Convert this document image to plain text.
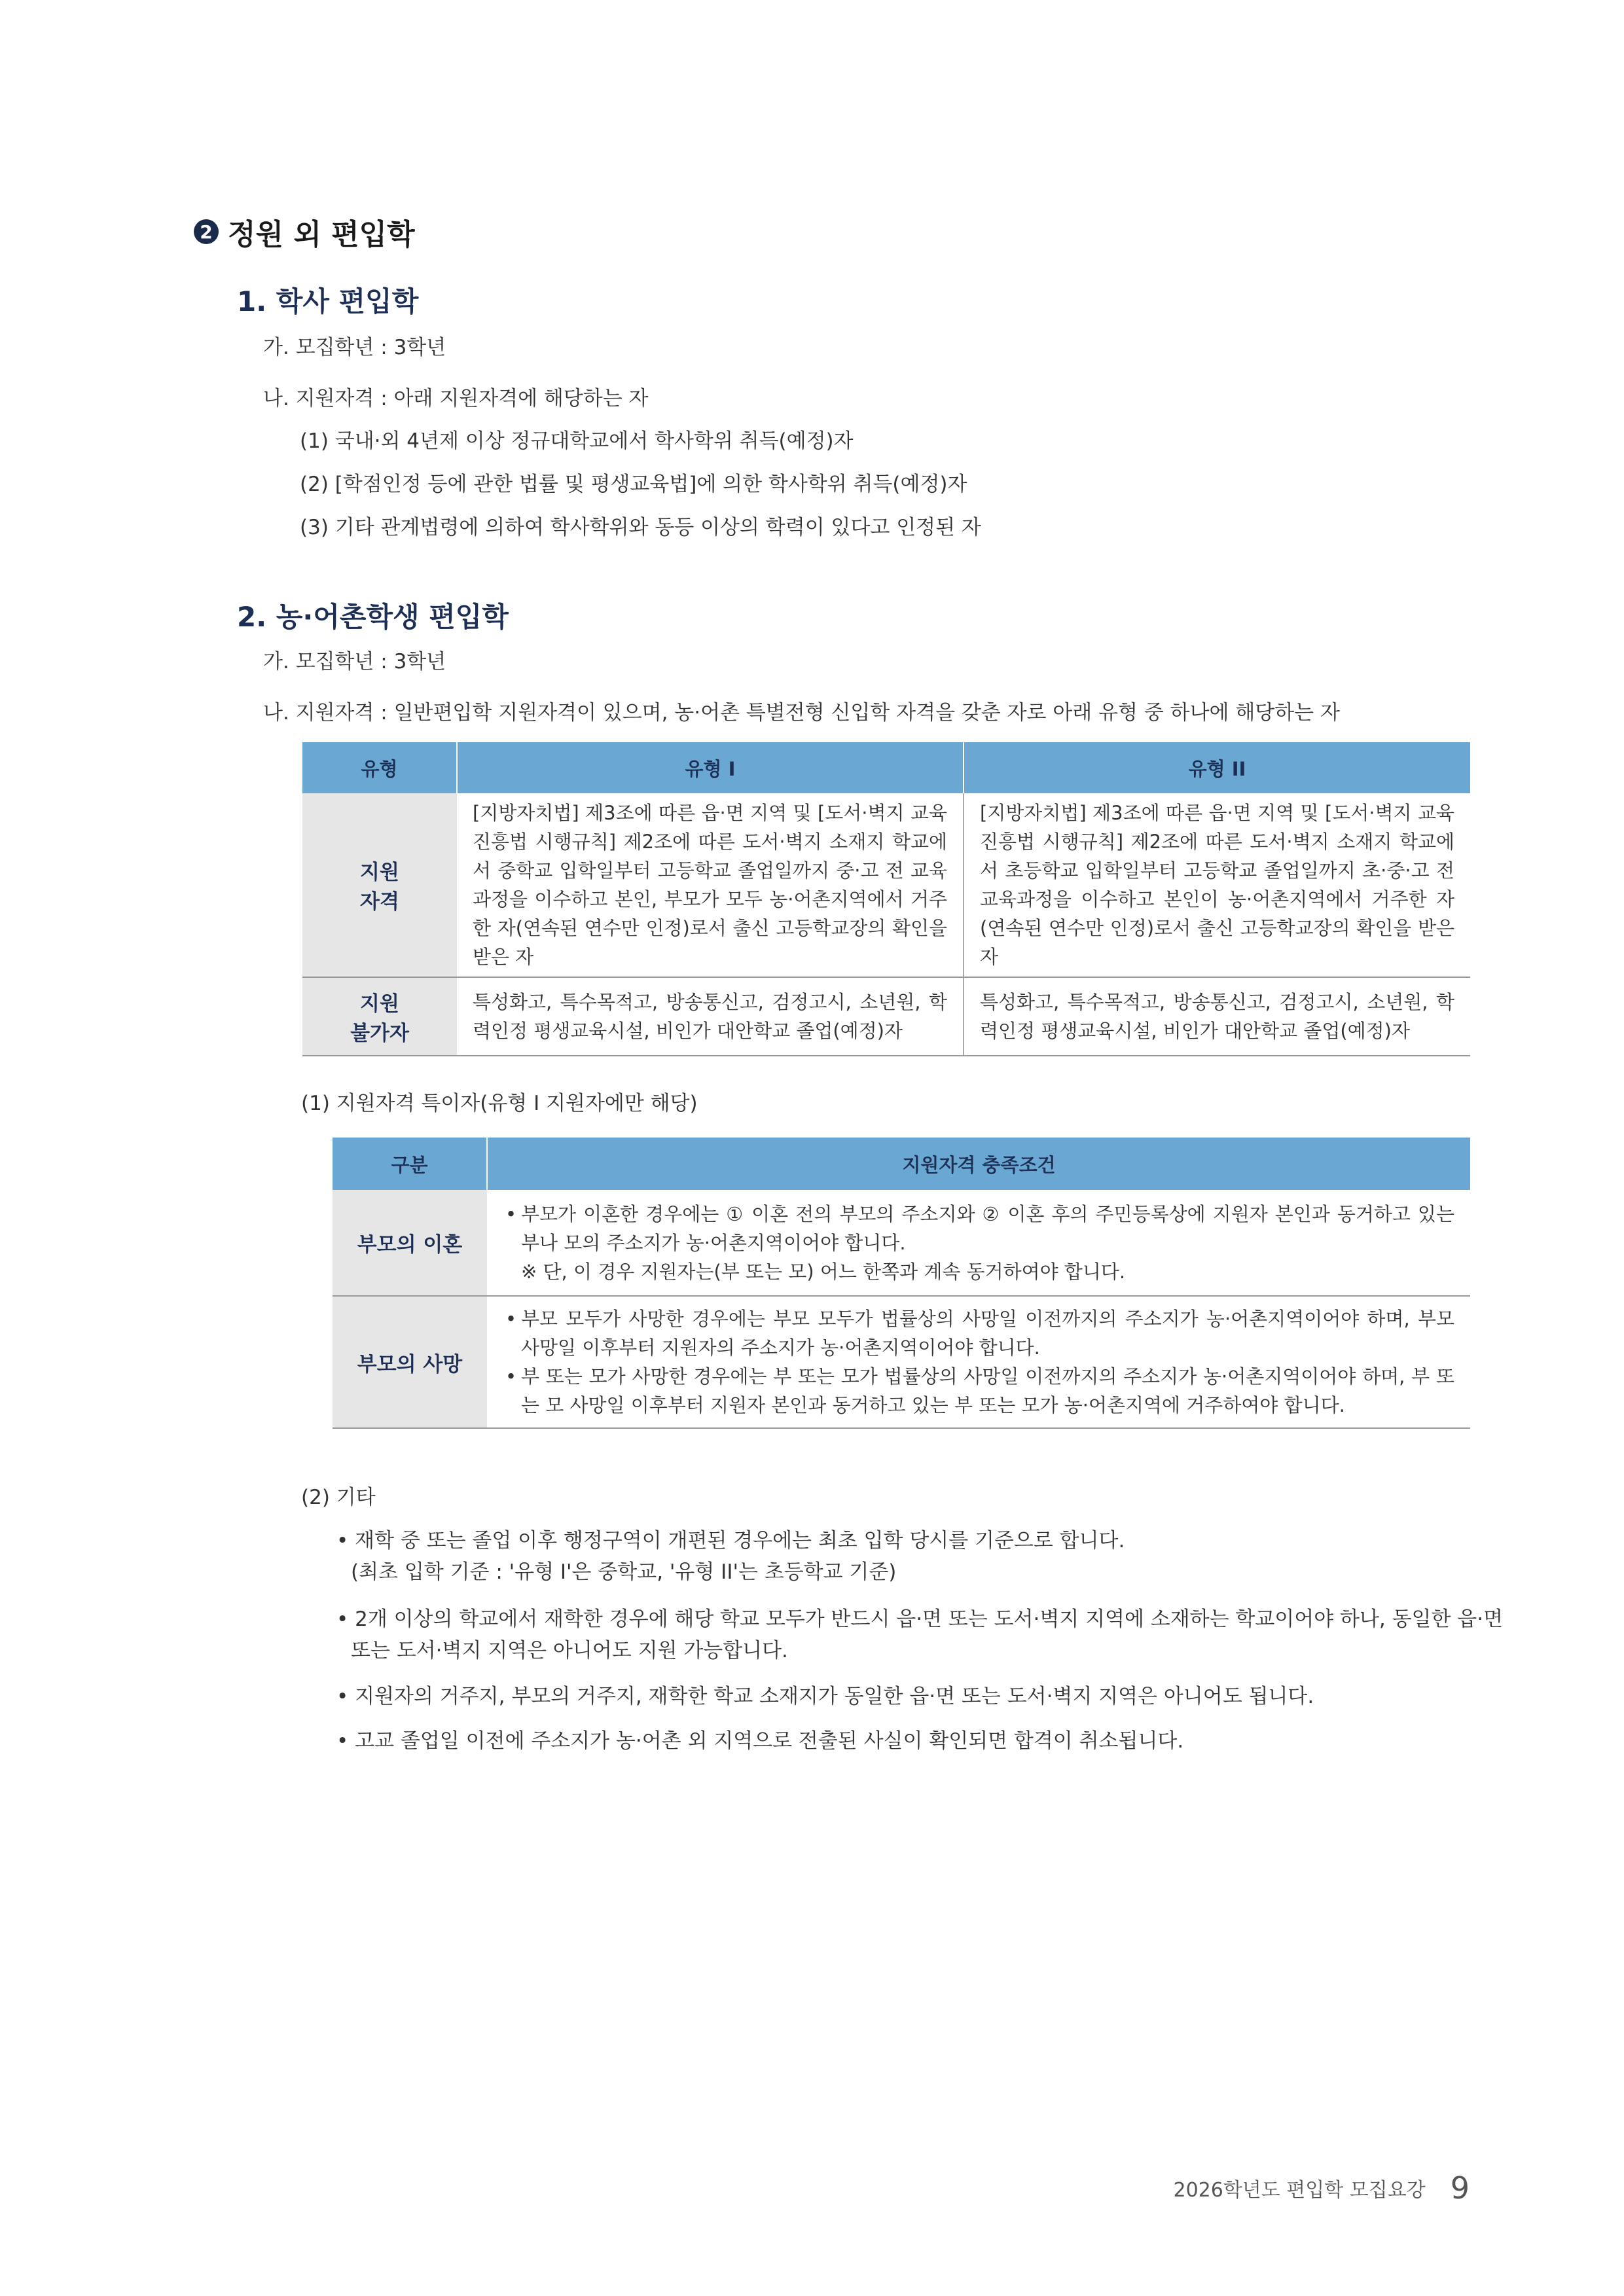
2 정원 외 편입학
1. 학사 편입학
가. 모집학년 : 3학년
나. 지원자격 : 아래 지원자격에 해당하는 자
(1) 국내·외 4년제 이상 정규대학교에서 학사학위 취득(예정)자
(2) [학점인정 등에 관한 법률 및 평생교육법]에 의한 학사학위 취득(예정)자
(3) 기타 관계법령에 의하여 학사학위와 동등 이상의 학력이 있다고 인정된 자
2. 농·어촌학생 편입학
가. 모집학년 : 3학년
나. 지원자격 : 일반편입학 지원자격이 있으며, 농·어촌 특별전형 신입학 자격을 갖춘 자로 아래 유형 중 하나에 해당하는 자
유형	유형 I	유형 II

지원
자격	[지방자치법] 제3조에 따른 읍·면 지역 및 [도서·벽지 교육진흥법 시행규칙] 제2조에 따른 도서·벽지 소재지 학교에서 중학교 입학일부터 고등학교 졸업일까지 중·고 전 교육과정을 이수하고 본인, 부모가 모두 농·어촌지역에서 거주한 자(연속된 연수만 인정)로서 출신 고등학교장의 확인을 받은 자	[지방자치법] 제3조에 따른 읍·면 지역 및 [도서·벽지 교육진흥법 시행규칙] 제2조에 따른 도서·벽지 소재지 학교에서 초등학교 입학일부터 고등학교 졸업일까지 초·중·고 전 교육과정을 이수하고 본인이 농·어촌지역에서 거주한 자(연속된 연수만 인정)로서 출신 고등학교장의 확인을 받은 자

지원
불가자	특성화고, 특수목적고, 방송통신고, 검정고시, 소년원, 학력인정 평생교육시설, 비인가 대안학교 졸업(예정)자	특성화고, 특수목적고, 방송통신고, 검정고시, 소년원, 학력인정 평생교육시설, 비인가 대안학교 졸업(예정)자
(1) 지원자격 특이자(유형 I 지원자에만 해당)
구분	지원자격 충족조건
부모의 이혼	• 부모가 이혼한 경우에는 ① 이혼 전의 부모의 주소지와 ② 이혼 후의 주민등록상에 지원자 본인과 동거하고 있는 부나 모의 주소지가 농·어촌지역이어야 합니다.
※ 단, 이 경우 지원자는(부 또는 모) 어느 한쪽과 계속 동거하여야 합니다.

부모의 사망	• 부모 모두가 사망한 경우에는 부모 모두가 법률상의 사망일 이전까지의 주소지가 농·어촌지역이어야 하며, 부모 사망일 이후부터 지원자의 주소지가 농·어촌지역이어야 합니다.
• 부 또는 모가 사망한 경우에는 부 또는 모가 법률상의 사망일 이전까지의 주소지가 농·어촌지역이어야 하며, 부 또는 모 사망일 이후부터 지원자 본인과 동거하고 있는 부 또는 모가 농·어촌지역에 거주하여야 합니다.
(2) 기타
• 재학 중 또는 졸업 이후 행정구역이 개편된 경우에는 최초 입학 당시를 기준으로 합니다.
(최초 입학 기준 : '유형 I'은 중학교, '유형 II'는 초등학교 기준)
• 2개 이상의 학교에서 재학한 경우에 해당 학교 모두가 반드시 읍·면 또는 도서·벽지 지역에 소재하는 학교이어야 하나, 동일한 읍·면
또는 도서·벽지 지역은 아니어도 지원 가능합니다.
• 지원자의 거주지, 부모의 거주지, 재학한 학교 소재지가 동일한 읍·면 또는 도서·벽지 지역은 아니어도 됩니다.
• 고교 졸업일 이전에 주소지가 농·어촌 외 지역으로 전출된 사실이 확인되면 합격이 취소됩니다.
2026학년도 편입학 모집요강 9
